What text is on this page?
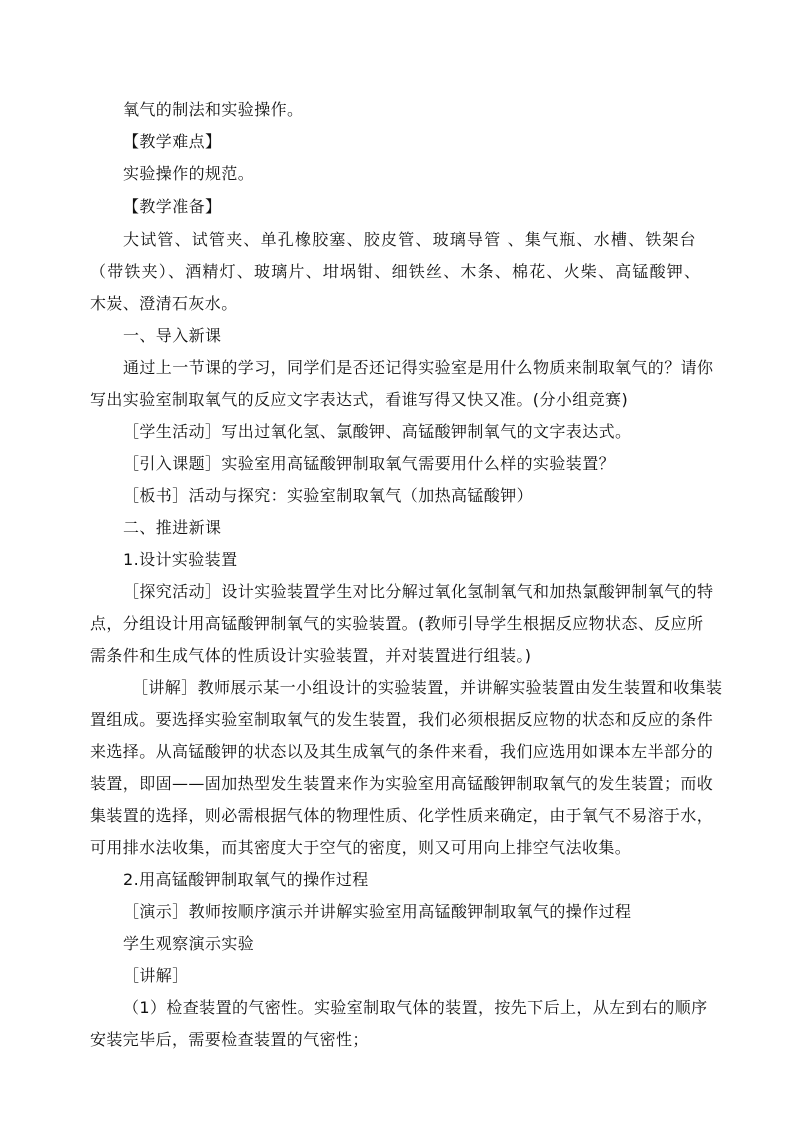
氧气的制法和实验操作。
【教学难点】
实验操作的规范。
【教学准备】
大试管、试管夹、单孔橡胶塞、胶皮管、玻璃导管 、集气瓶、水槽、铁架台
（带铁夹）、酒精灯、玻璃片、坩埚钳、细铁丝、木条、棉花、火柴、高锰酸钾、
木炭、澄清石灰水。
一、导入新课
通过上一节课的学习，同学们是否还记得实验室是用什么物质来制取氧气的？请你
写出实验室制取氧气的反应文字表达式，看谁写得又快又准。(分小组竞赛)
［学生活动］写出过氧化氢、氯酸钾、高锰酸钾制氧气的文字表达式。
［引入课题］实验室用高锰酸钾制取氧气需要用什么样的实验装置？
［板书］活动与探究：实验室制取氧气（加热高锰酸钾）
二、推进新课
1.设计实验装置
［探究活动］设计实验装置学生对比分解过氧化氢制氧气和加热氯酸钾制氧气的特
点，分组设计用高锰酸钾制氧气的实验装置。(教师引导学生根据反应物状态、反应所
需条件和生成气体的性质设计实验装置，并对装置进行组装。)
［讲解］教师展示某一小组设计的实验装置，并讲解实验装置由发生装置和收集装
置组成。要选择实验室制取氧气的发生装置，我们必须根据反应物的状态和反应的条件
来选择。从高锰酸钾的状态以及其生成氧气的条件来看，我们应选用如课本左半部分的
装置，即固——固加热型发生装置来作为实验室用高锰酸钾制取氧气的发生装置；而收
集装置的选择，则必需根据气体的物理性质、化学性质来确定，由于氧气不易溶于水，
可用排水法收集，而其密度大于空气的密度，则又可用向上排空气法收集。
2.用高锰酸钾制取氧气的操作过程
［演示］教师按顺序演示并讲解实验室用高锰酸钾制取氧气的操作过程
学生观察演示实验
［讲解］
（1）检查装置的气密性。实验室制取气体的装置，按先下后上，从左到右的顺序
安装完毕后，需要检查装置的气密性；
